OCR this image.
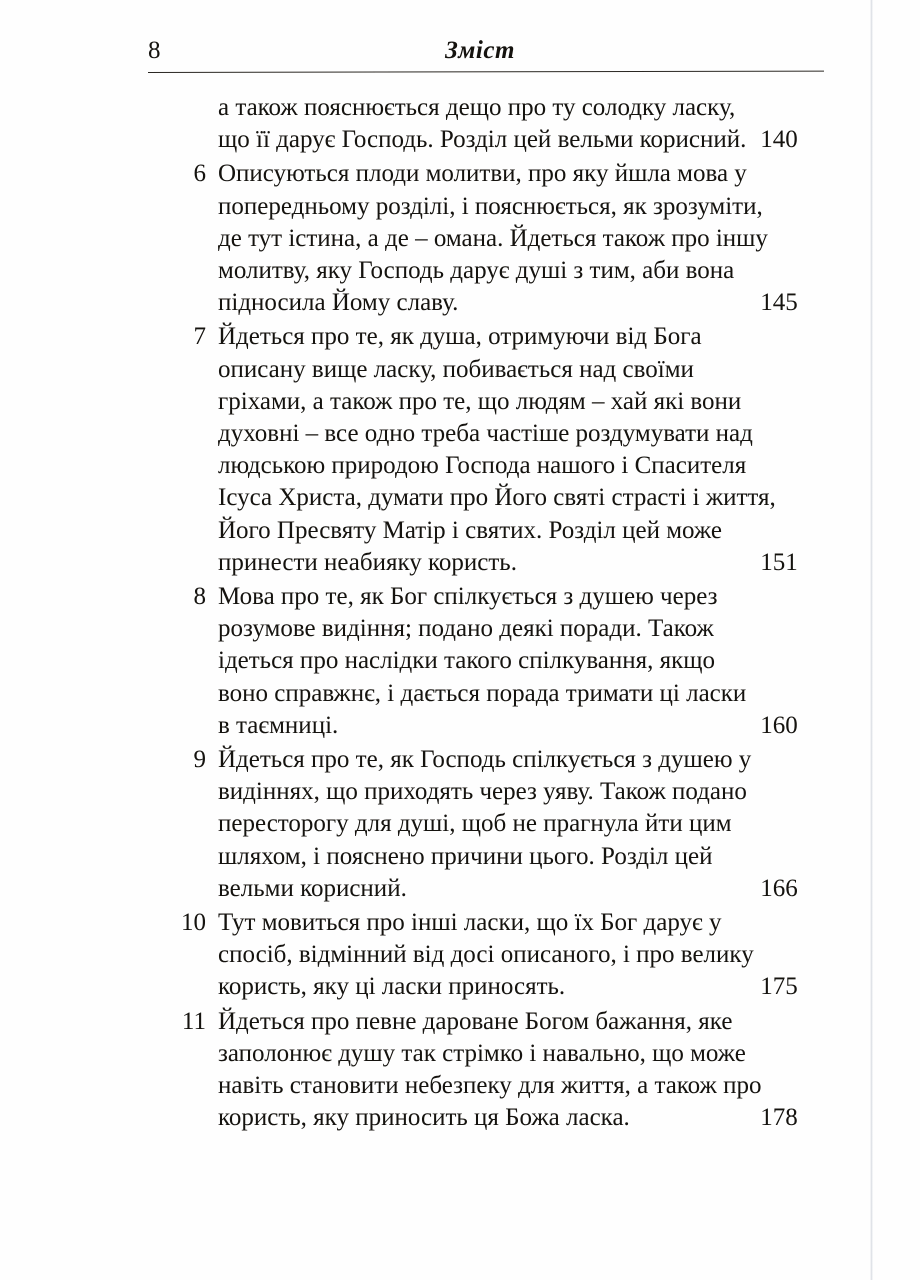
8	Зміст
а також пояснюється дещо про ту солодку ласку,
що її дарує Господь. Розділ цей вельми корисний. 140
6 Описуються плоди молитви, про яку йшла мова у
попередньому розділі, і пояснюється, як зрозуміти,
де тут істина, а де – омана. Йдеться також про іншу
молитву, яку Господь дарує душі з тим, аби вона
підносила Йому славу.	145
7 Йдеться про те, як душа, отримуючи від Бога
описану вище ласку, побивається над своїми
гріхами, а також про те, що людям – хай які вони
духовні – все одно треба частіше роздумувати над
людською природою Господа нашого і Спасителя
Ісуса Христа, думати про Його святі страсті і життя,
Його Пресвяту Матір і святих. Розділ цей може
принести неабияку користь.	151
8 Мова про те, як Бог спілкується з душею через
розумове видіння; подано деякі поради. Також
ідеться про наслідки такого спілкування, якщо
воно справжнє, і дається порада тримати ці ласки
в таємниці.	160
9 Йдеться про те, як Господь спілкується з душею у
видіннях, що приходять через уяву. Також подано
пересторогу для душі, щоб не прагнула йти цим
шляхом, і пояснено причини цього. Розділ цей
вельми корисний.	166
10 Тут мовиться про інші ласки, що їх Бог дарує у
спосіб, відмінний від досі описаного, і про велику
користь, яку ці ласки приносять.	175
11 Йдеться про певне дароване Богом бажання, яке
заполонює душу так стрімко і навально, що може
навіть становити небезпеку для життя, а також про
користь, яку приносить ця Божа ласка.	178
